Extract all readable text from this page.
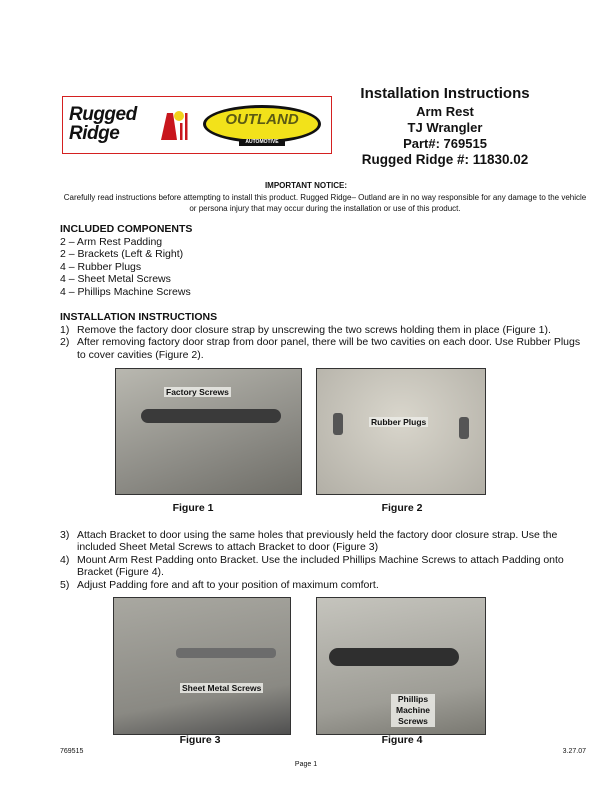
Rugged Ridge
OUTLAND
AUTOMOTIVE
Installation Instructions
Arm Rest
TJ Wrangler
Part#: 769515
Rugged Ridge #: 11830.02
IMPORTANT NOTICE:
Carefully read instructions before attempting to install this product. Rugged Ridge– Outland are in no way responsible for any damage to the vehicle or persona injury that may occur during the installation or use of this product.
INCLUDED COMPONENTS
2 – Arm Rest Padding
2 – Brackets (Left & Right)
4 – Rubber Plugs
4 – Sheet Metal Screws
4 – Phillips Machine Screws
INSTALLATION INSTRUCTIONS
1) Remove the factory door closure strap by unscrewing the two screws holding them in place (Figure 1).
2) After removing factory door strap from door panel, there will be two cavities on each door. Use Rubber Plugs to cover cavities (Figure 2).
Factory Screws
Rubber Plugs
Figure 1	Figure 2
3) Attach Bracket to door using the same holes that previously held the factory door closure strap. Use the included Sheet Metal Screws to attach Bracket to door (Figure 3)
4) Mount Arm Rest Padding onto Bracket. Use the included Phillips Machine Screws to attach Padding onto Bracket (Figure 4).
5) Adjust Padding fore and aft to your position of maximum comfort.
Sheet Metal Screws
Phillips Machine Screws
Figure 3	Figure 4
769515	3.27.07
Page 1
